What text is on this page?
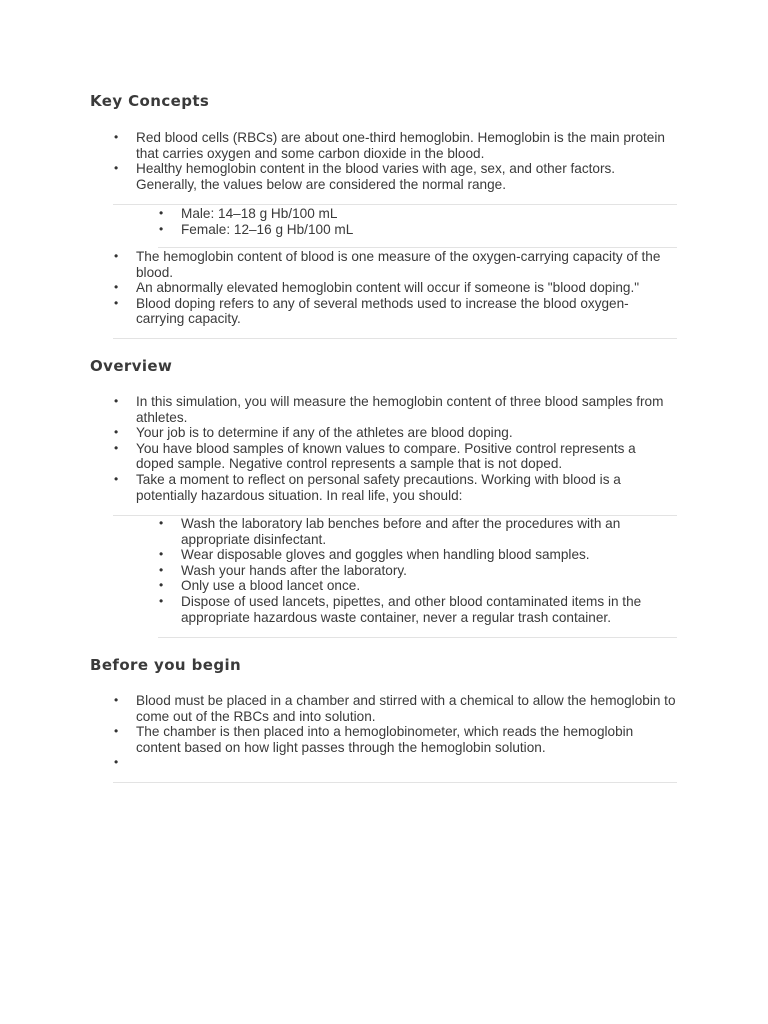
Key Concepts
• Red blood cells (RBCs) are about one-third hemoglobin. Hemoglobin is the main protein that carries oxygen and some carbon dioxide in the blood.
• Healthy hemoglobin content in the blood varies with age, sex, and other factors. Generally, the values below are considered the normal range.
• Male: 14–18 g Hb/100 mL
• Female: 12–16 g Hb/100 mL
• The hemoglobin content of blood is one measure of the oxygen-carrying capacity of the blood.
• An abnormally elevated hemoglobin content will occur if someone is "blood doping."
• Blood doping refers to any of several methods used to increase the blood oxygen-carrying capacity.
Overview
• In this simulation, you will measure the hemoglobin content of three blood samples from athletes.
• Your job is to determine if any of the athletes are blood doping.
• You have blood samples of known values to compare. Positive control represents a doped sample. Negative control represents a sample that is not doped.
• Take a moment to reflect on personal safety precautions. Working with blood is a potentially hazardous situation. In real life, you should:
• Wash the laboratory lab benches before and after the procedures with an appropriate disinfectant.
• Wear disposable gloves and goggles when handling blood samples.
• Wash your hands after the laboratory.
• Only use a blood lancet once.
• Dispose of used lancets, pipettes, and other blood contaminated items in the appropriate hazardous waste container, never a regular trash container.
Before you begin
• Blood must be placed in a chamber and stirred with a chemical to allow the hemoglobin to come out of the RBCs and into solution.
• The chamber is then placed into a hemoglobinometer, which reads the hemoglobin content based on how light passes through the hemoglobin solution.
•
